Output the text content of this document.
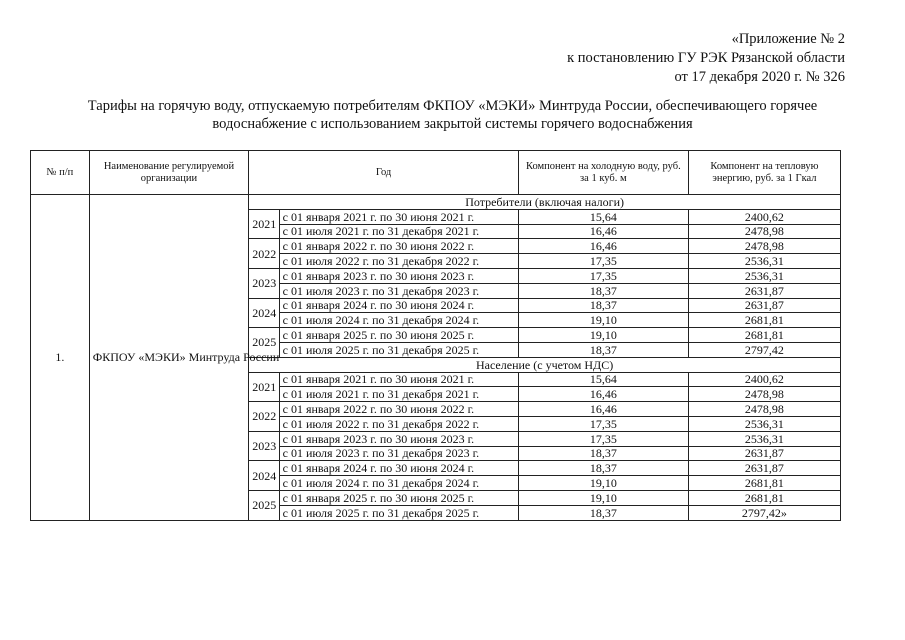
«Приложение № 2
к постановлению ГУ РЭК Рязанской области
от 17 декабря 2020 г. № 326
Тарифы на горячую воду, отпускаемую потребителям ФКПОУ «МЭКИ» Минтруда России, обеспечивающего горячее
водоснабжение с использованием закрытой системы горячего водоснабжения
№ п/п	Наименование регулируемой организации	Год		Компонент на холодную воду, руб. за 1 куб. м	Компонент на тепловую энергию, руб. за 1 Гкал
1.	ФКПОУ «МЭКИ» Минтруда России	Потребители (включая налоги)			
		2021	с 01 января 2021 г. по 30 июня 2021 г.	15,64	2400,62
			с 01 июля 2021 г. по 31 декабря 2021 г.	16,46	2478,98
		2022	с 01 января 2022 г. по 30 июня 2022 г.	16,46	2478,98
			с 01 июля 2022 г. по 31 декабря 2022 г.	17,35	2536,31
		2023	с 01 января 2023 г. по 30 июня 2023 г.	17,35	2536,31
			с 01 июля 2023 г. по 31 декабря 2023 г.	18,37	2631,87
		2024	с 01 января 2024 г. по 30 июня 2024 г.	18,37	2631,87
			с 01 июля 2024 г. по 31 декабря 2024 г.	19,10	2681,81
		2025	с 01 января 2025 г. по 30 июня 2025 г.	19,10	2681,81
			с 01 июля 2025 г. по 31 декабря 2025 г.	18,37	2797,42
		Население (с учетом НДС)			
		2021	с 01 января 2021 г. по 30 июня 2021 г.	15,64	2400,62
			с 01 июля 2021 г. по 31 декабря 2021 г.	16,46	2478,98
		2022	с 01 января 2022 г. по 30 июня 2022 г.	16,46	2478,98
			с 01 июля 2022 г. по 31 декабря 2022 г.	17,35	2536,31
		2023	с 01 января 2023 г. по 30 июня 2023 г.	17,35	2536,31
			с 01 июля 2023 г. по 31 декабря 2023 г.	18,37	2631,87
		2024	с 01 января 2024 г. по 30 июня 2024 г.	18,37	2631,87
			с 01 июля 2024 г. по 31 декабря 2024 г.	19,10	2681,81
		2025	с 01 января 2025 г. по 30 июня 2025 г.	19,10	2681,81
			с 01 июля 2025 г. по 31 декабря 2025 г.	18,37	2797,42»
